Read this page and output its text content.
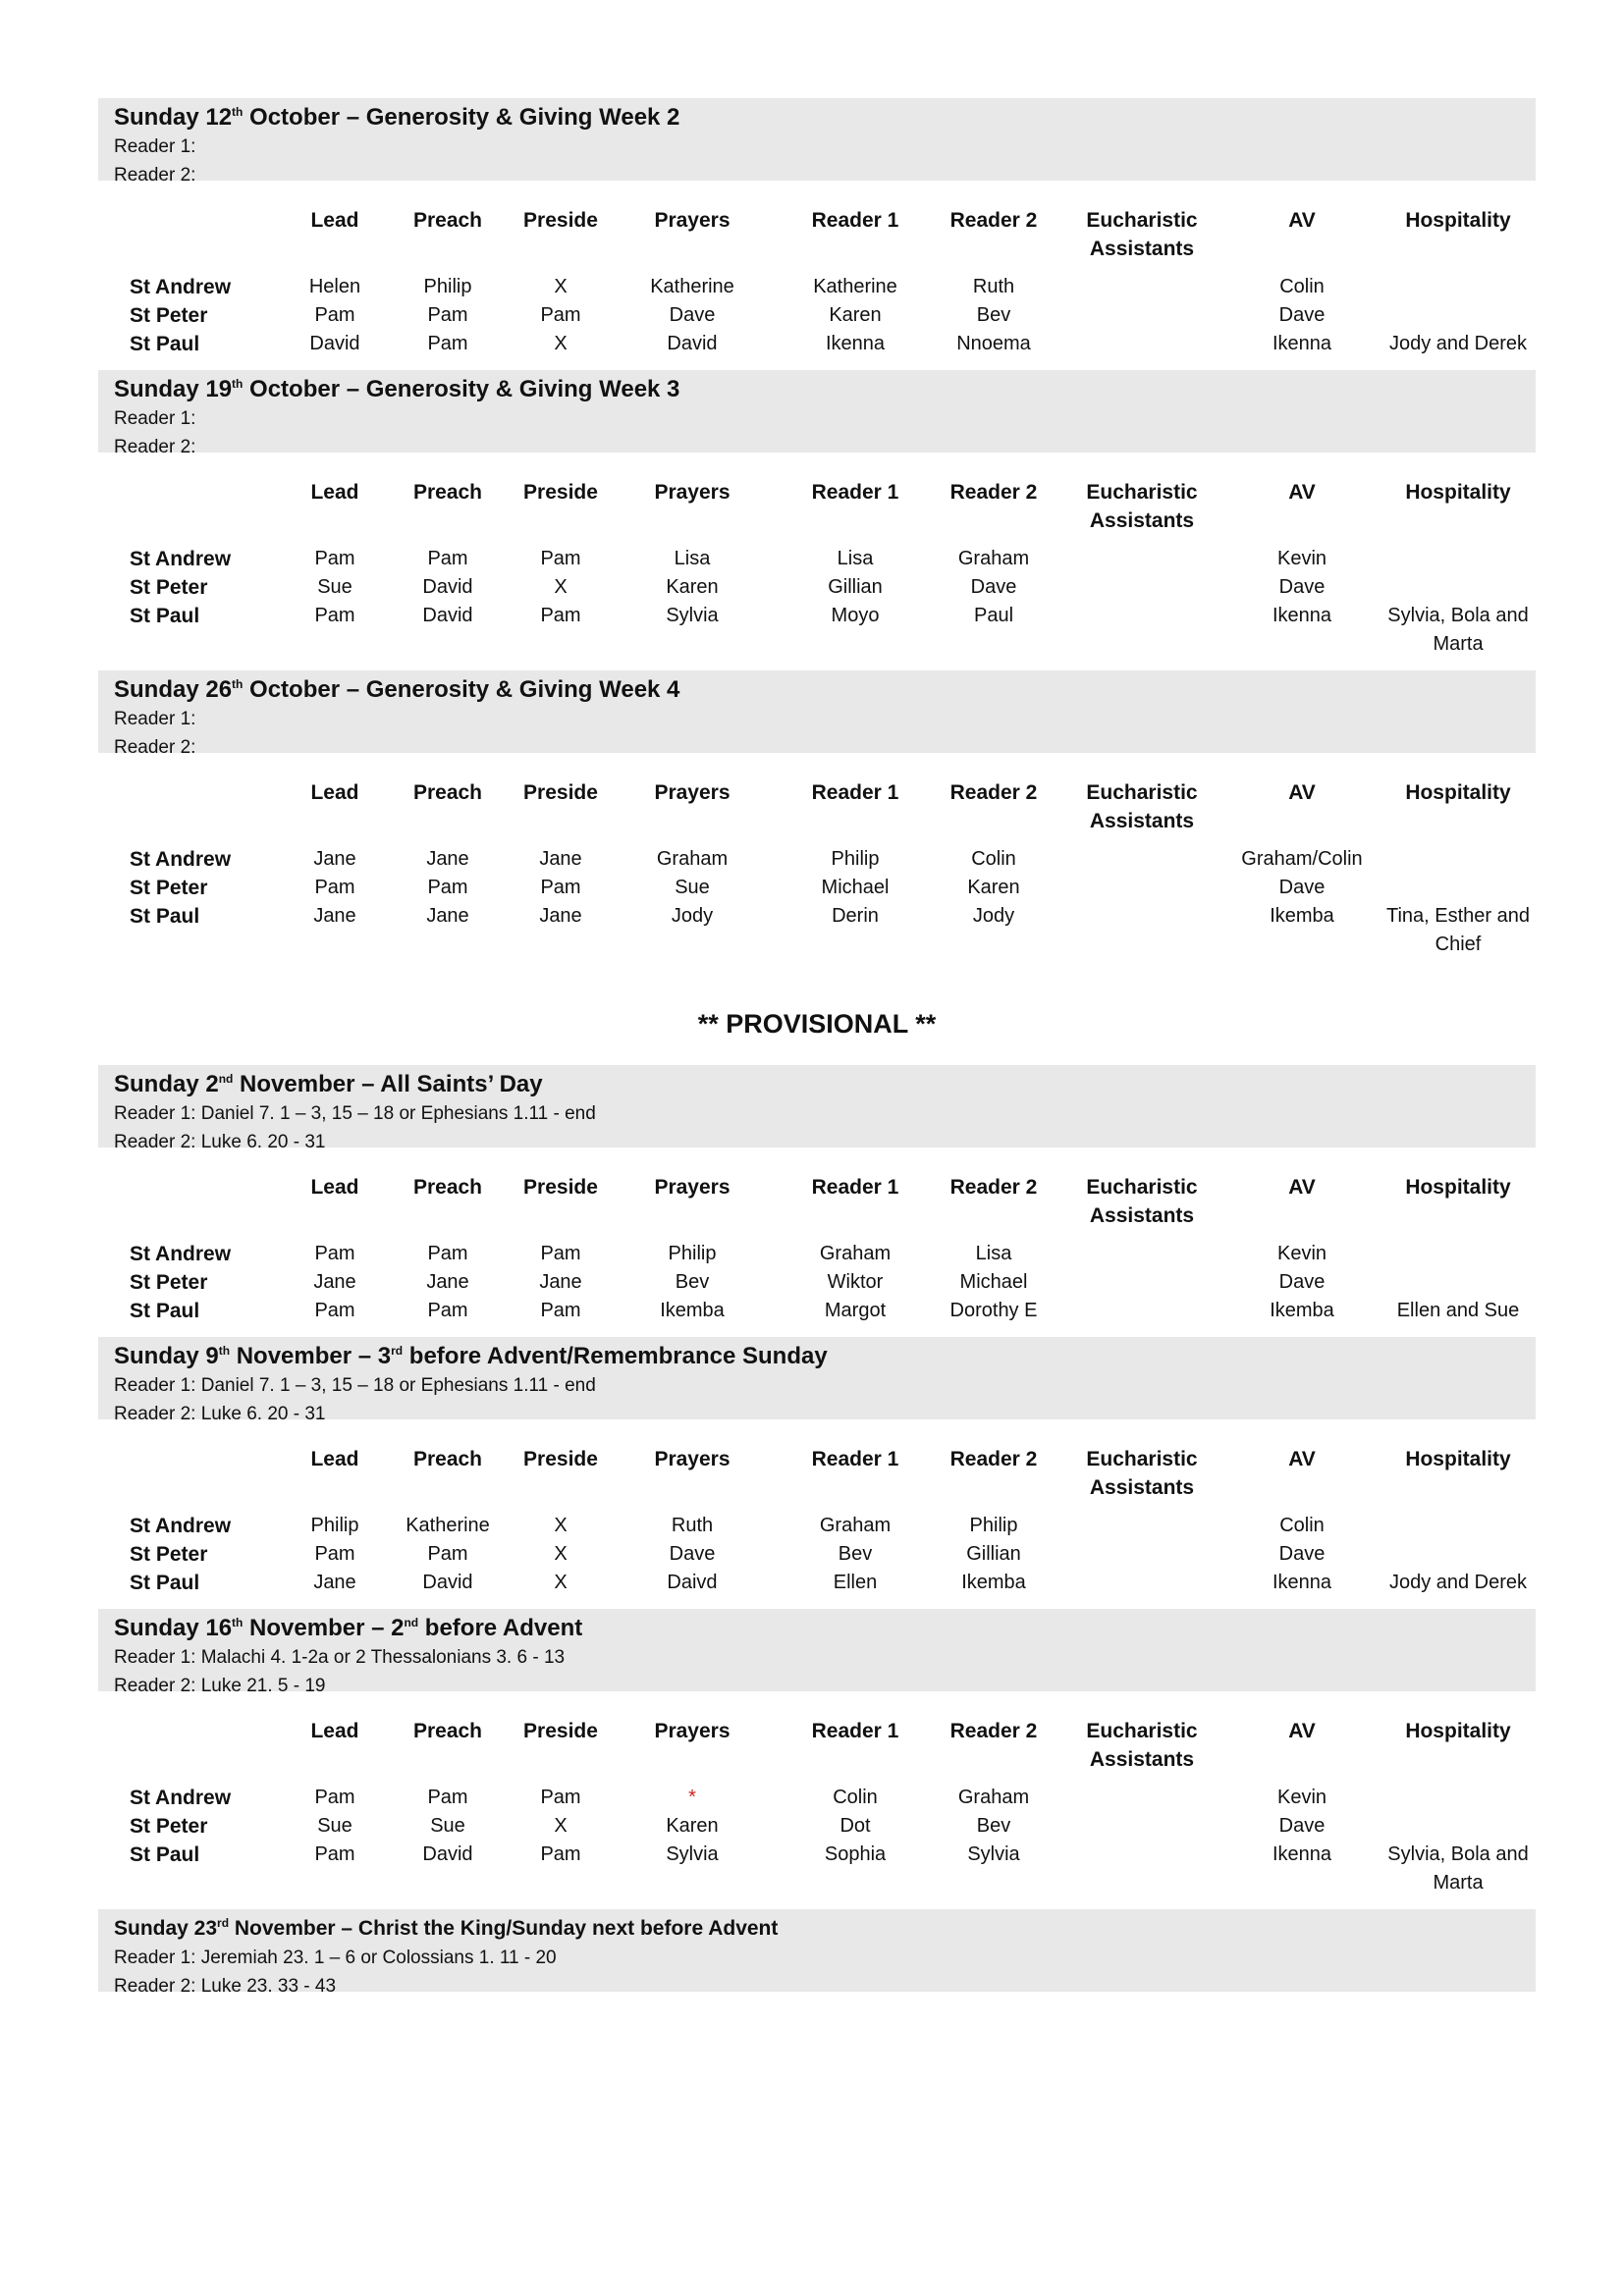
Sunday 12th October – Generosity & Giving Week 2
Reader 1:
Reader 2:
	Lead	Preach	Preside	Prayers	Reader 1	Reader 2	Eucharistic Assistants	AV	Hospitality
St Andrew	Helen	Philip	X	Katherine	Katherine	Ruth		Colin	
St Peter	Pam	Pam	Pam	Dave	Karen	Bev		Dave	
St Paul	David	Pam	X	David	Ikenna	Nnoema		Ikenna	Jody and Derek
Sunday 19th October – Generosity & Giving Week 3
Reader 1:
Reader 2:
	Lead	Preach	Preside	Prayers	Reader 1	Reader 2	Eucharistic Assistants	AV	Hospitality
St Andrew	Pam	Pam	Pam	Lisa	Lisa	Graham		Kevin	
St Peter	Sue	David	X	Karen	Gillian	Dave		Dave	
St Paul	Pam	David	Pam	Sylvia	Moyo	Paul		Ikenna	Sylvia, Bola and Marta
Sunday 26th October – Generosity & Giving Week 4
Reader 1:
Reader 2:
	Lead	Preach	Preside	Prayers	Reader 1	Reader 2	Eucharistic Assistants	AV	Hospitality
St Andrew	Jane	Jane	Jane	Graham	Philip	Colin		Graham/Colin	
St Peter	Pam	Pam	Pam	Sue	Michael	Karen		Dave	
St Paul	Jane	Jane	Jane	Jody	Derin	Jody		Ikemba	Tina, Esther and Chief
** PROVISIONAL **
Sunday 2nd November – All Saints’ Day
Reader 1: Daniel 7. 1 – 3, 15 – 18 or Ephesians 1.11 - end
Reader 2: Luke 6. 20 - 31
	Lead	Preach	Preside	Prayers	Reader 1	Reader 2	Eucharistic Assistants	AV	Hospitality
St Andrew	Pam	Pam	Pam	Philip	Graham	Lisa		Kevin	
St Peter	Jane	Jane	Jane	Bev	Wiktor	Michael		Dave	
St Paul	Pam	Pam	Pam	Ikemba	Margot	Dorothy E		Ikemba	Ellen and Sue
Sunday 9th November – 3rd before Advent/Remembrance Sunday
Reader 1: Daniel 7. 1 – 3, 15 – 18 or Ephesians 1.11 - end
Reader 2: Luke 6. 20 - 31
	Lead	Preach	Preside	Prayers	Reader 1	Reader 2	Eucharistic Assistants	AV	Hospitality
St Andrew	Philip	Katherine	X	Ruth	Graham	Philip		Colin	
St Peter	Pam	Pam	X	Dave	Bev	Gillian		Dave	
St Paul	Jane	David	X	Daivd	Ellen	Ikemba		Ikenna	Jody and Derek
Sunday 16th November – 2nd before Advent
Reader 1: Malachi 4. 1-2a or 2 Thessalonians 3. 6 - 13
Reader 2: Luke 21. 5 - 19
	Lead	Preach	Preside	Prayers	Reader 1	Reader 2	Eucharistic Assistants	AV	Hospitality
St Andrew	Pam	Pam	Pam	*	Colin	Graham		Kevin	
St Peter	Sue	Sue	X	Karen	Dot	Bev		Dave	
St Paul	Pam	David	Pam	Sylvia	Sophia	Sylvia		Ikenna	Sylvia, Bola and Marta
Sunday 23rd November – Christ the King/Sunday next before Advent
Reader 1: Jeremiah 23. 1 – 6 or Colossians 1. 11 - 20
Reader 2: Luke 23. 33 - 43
